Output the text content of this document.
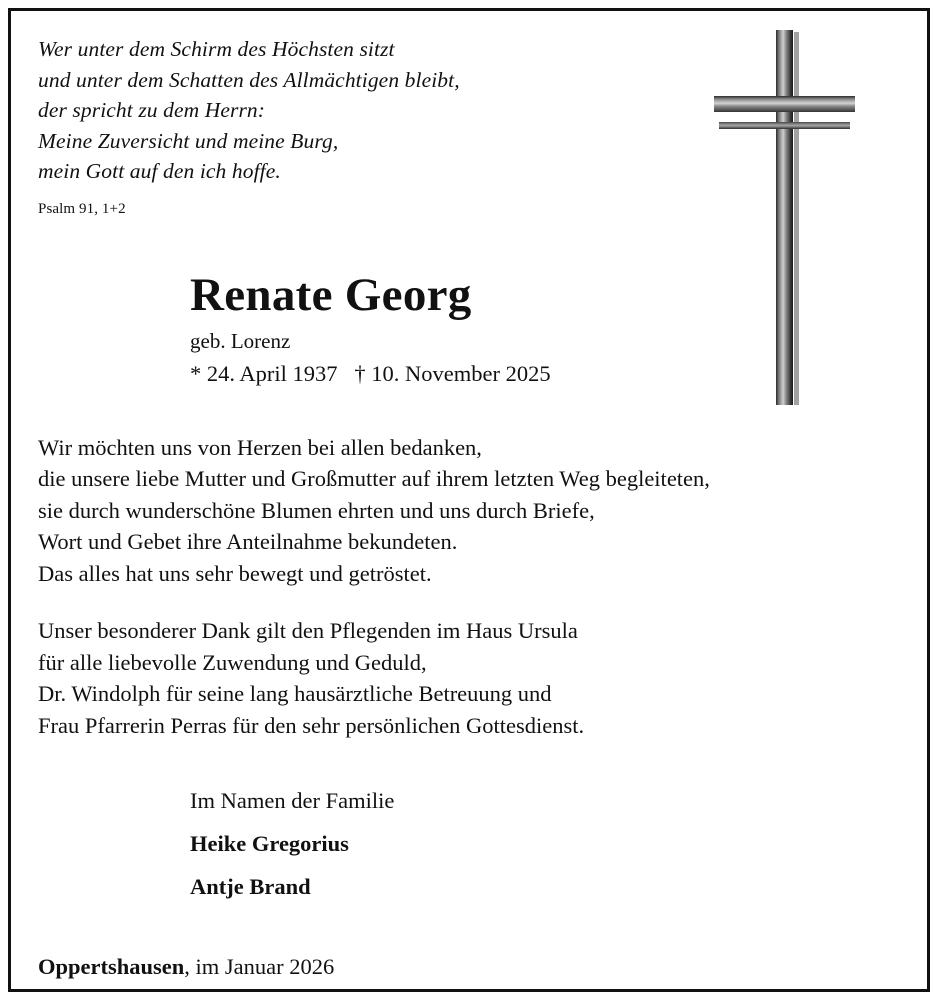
Wer unter dem Schirm des Höchsten sitzt
und unter dem Schatten des Allmächtigen bleibt,
der spricht zu dem Herrn:
Meine Zuversicht und meine Burg,
mein Gott auf den ich hoffe.
Psalm 91, 1+2
Renate Georg
geb. Lorenz
* 24. April 1937   † 10. November 2025

Wir möchten uns von Herzen bei allen bedanken,
die unsere liebe Mutter und Großmutter auf ihrem letzten Weg begleiteten,
sie durch wunderschöne Blumen ehrten und uns durch Briefe,
Wort und Gebet ihre Anteilnahme bekundeten.
Das alles hat uns sehr bewegt und getröstet.

Unser besonderer Dank gilt den Pflegenden im Haus Ursula
für alle liebevolle Zuwendung und Geduld,
Dr. Windolph für seine lang hausärztliche Betreuung und
Frau Pfarrerin Perras für den sehr persönlichen Gottesdienst.

Im Namen der Familie
Heike Gregorius
Antje Brand
Oppertshausen, im Januar 2026
